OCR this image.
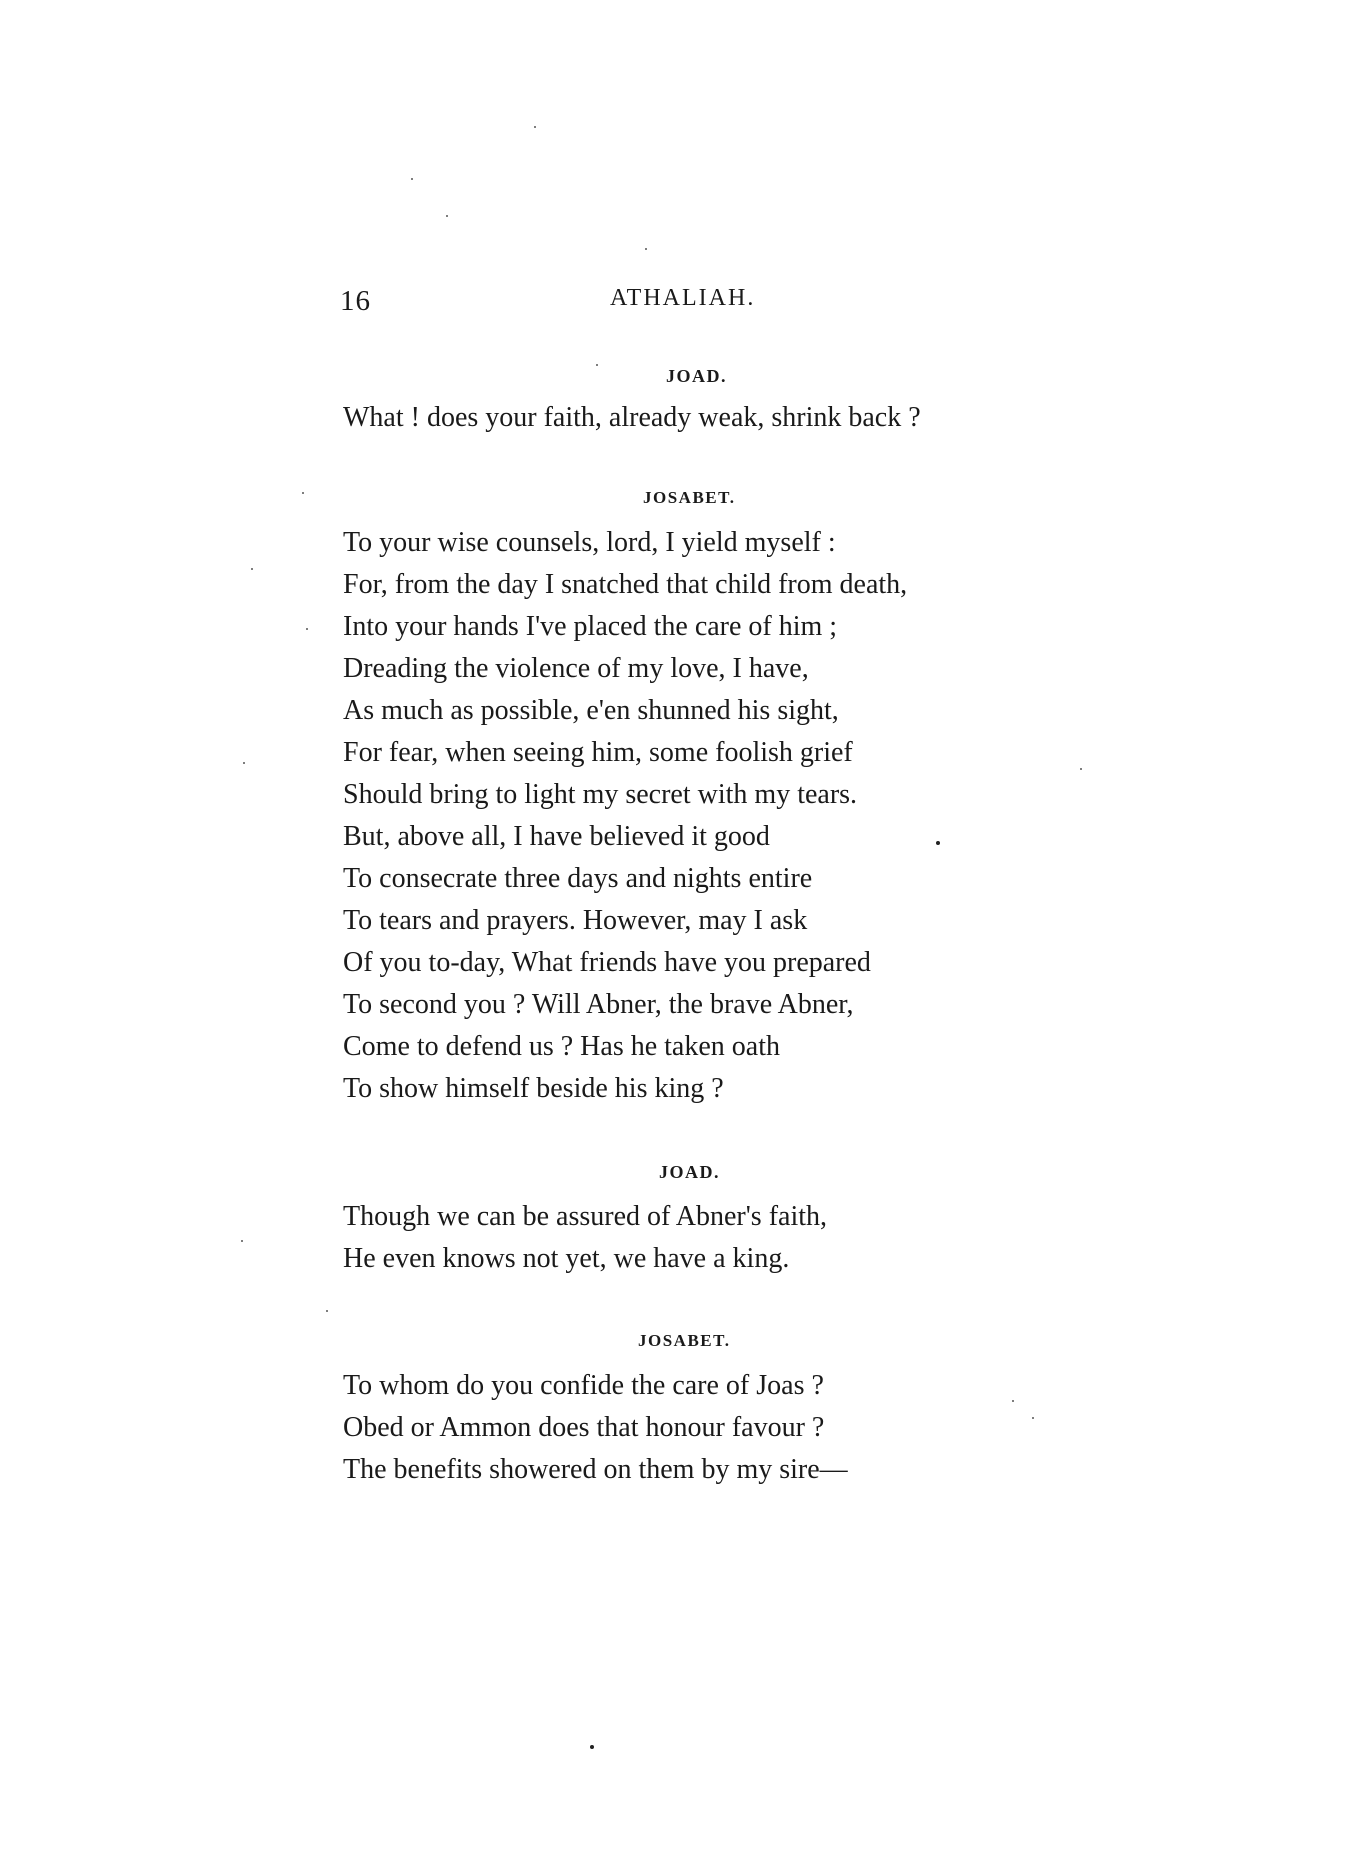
16	ATHALIAH.
JOAD.
What ! does your faith, already weak, shrink back ?
JOSABET.
To your wise counsels, lord, I yield myself :
For, from the day I snatched that child from death,
Into your hands I've placed the care of him ;
Dreading the violence of my love, I have,
As much as possible, e'en shunned his sight,
For fear, when seeing him, some foolish grief
Should bring to light my secret with my tears.
But, above all, I have believed it good
To consecrate three days and nights entire
To tears and prayers. However, may I ask
Of you to-day, What friends have you prepared
To second you ? Will Abner, the brave Abner,
Come to defend us ? Has he taken oath
To show himself beside his king ?
JOAD.
Though we can be assured of Abner's faith,
He even knows not yet, we have a king.
JOSABET.
To whom do you confide the care of Joas ?
Obed or Ammon does that honour favour ?
The benefits showered on them by my sire—
